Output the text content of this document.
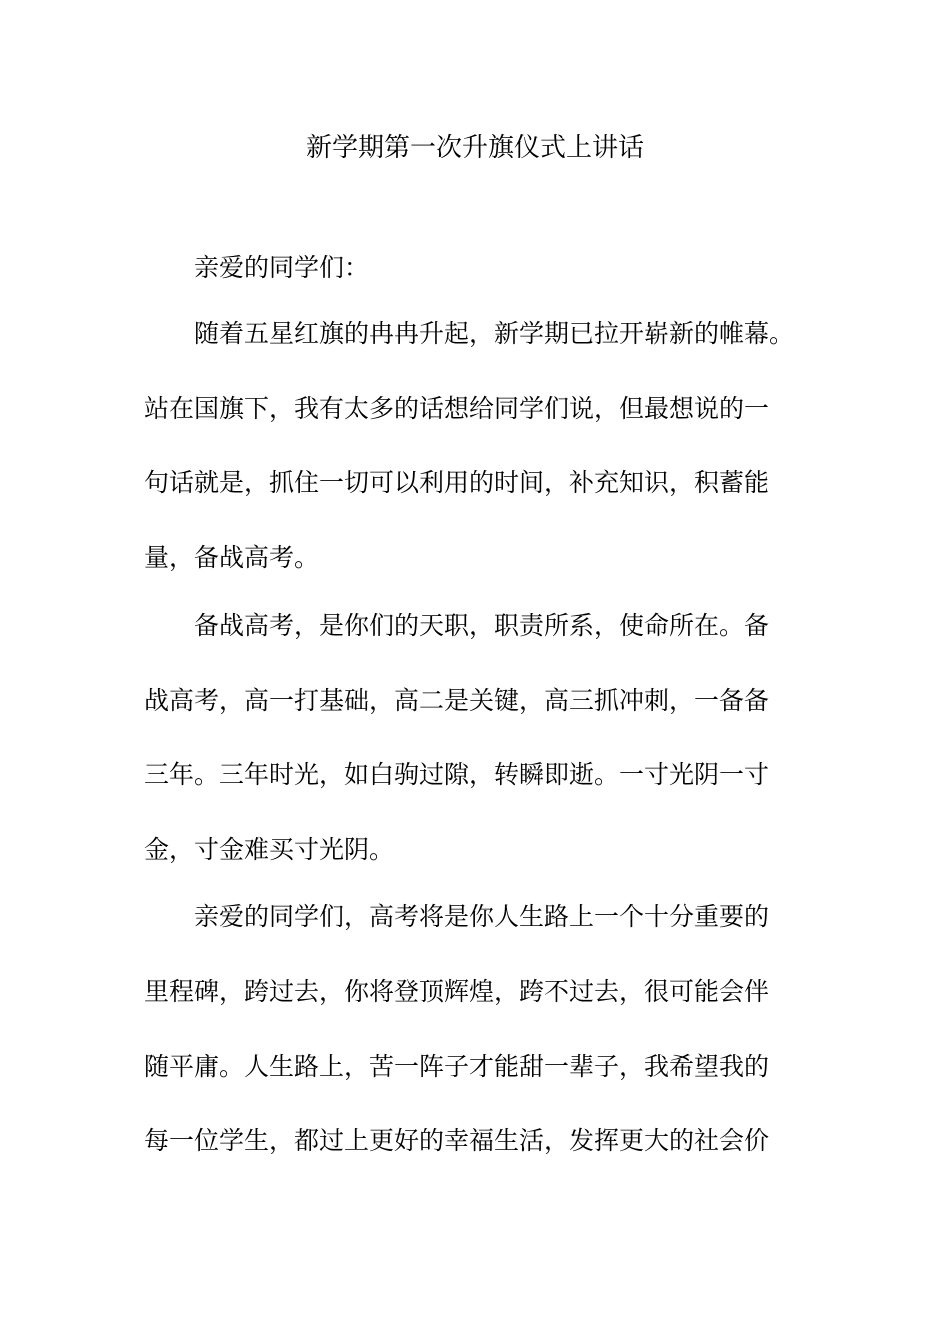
新学期第一次升旗仪式上讲话

亲爱的同学们：

随着五星红旗的冉冉升起，新学期已拉开崭新的帷幕。

站在国旗下，我有太多的话想给同学们说，但最想说的一

句话就是，抓住一切可以利用的时间，补充知识，积蓄能

量，备战高考。

备战高考，是你们的天职，职责所系，使命所在。备

战高考，高一打基础，高二是关键，高三抓冲刺，一备备

三年。三年时光，如白驹过隙，转瞬即逝。一寸光阴一寸

金，寸金难买寸光阴。

亲爱的同学们，高考将是你人生路上一个十分重要的

里程碑，跨过去，你将登顶辉煌，跨不过去，很可能会伴

随平庸。人生路上，苦一阵子才能甜一辈子，我希望我的

每一位学生，都过上更好的幸福生活，发挥更大的社会价
